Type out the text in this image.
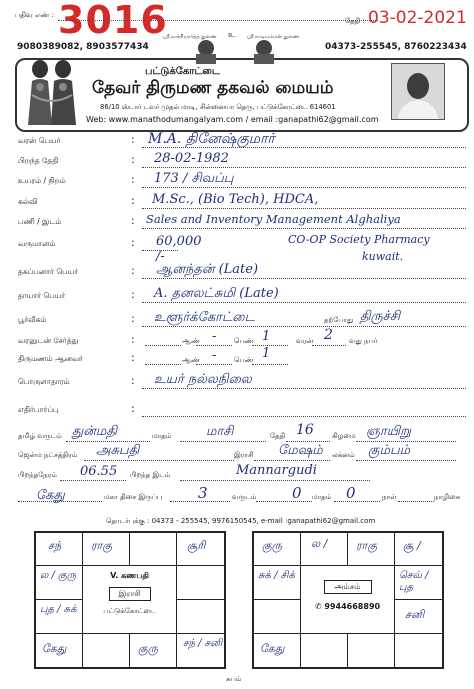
பதிவு எண் : 3016	தேதி : 03-02-2021
9080389082, 8903577434	04373-255545, 8760223434
ஸ்ரீ நாச்சியார்த்த துணை உ ஸ்ரீ நாடியம்மன் துணை
பட்டுக்கோட்டை
தேவர் திருமண தகவல் மையம்
86/10 ஸ்டார் டவர் முதல் மாடி, சின்னையா தெரு, பட்டுக்கோட்டை 614601
Web: www.manathodumangalyam.com / email :ganapathi62@gmail.com
வரன் பெயர்	: M.A. தினேஷ்குமார்
பிறந்த தேதி	: 28-02-1982
உயரம் / நிறம்	: 173 / சிவப்பு
கல்வி	: M.Sc., (Bio Tech), HDCA,
பணி / இடம்	: Sales and Inventory Management Alghaliya
CO-OP Society Pharmacy
kuwait.
வருமானம்	: 60,000 /-
தகப்பனார் பெயர்	: ஆனந்தன் (Late)
தாயார் பெயர்	: A. தனலட்சுமி (Late)
பூர்வீகம்	: உளூர்க்கோட்டை	தற்போது திருச்சி
வரனுடன் சேர்த்து	:	ஆண் -	பெண் 1	வரன் 2 வது நபர்
திருமணம் ஆனவர்	:	ஆண் -	பெண் 1
பொருளாதாரம்	: உயர் நல்லநிலை
எதிர்பார்ப்பு	:
தமிழ் வருடம் துன்மதி	மாதம்	மாசி	தேதி 16	கிழமை ஞாயிறு
ஜென்ம நட்சத்திரம் அசுபதி	இராசி மேஷம் லக்னம் கும்பம்
பிறந்தநேரம் 06.55 பிறந்த இடம்	Mannargudi
கேது	மகா திசை இருப்பு 3	வருடம் 0 மாதம் 0	நாள்	நாழிகை
தொடர்புக்கு : 04373 - 255545, 9976150545, e-mail :ganapathi62@gmail.com
சந்	ராகு	சூரி
ல / குரு
புத / சுக்
கேது	குரு	சந் / சனி
V. கணபதி
இராசி
பட்டுக்கோட்டை
குரு	ல /	ராகு சூ /
சுக் / சிக்	செவ் / புத
சனி
கேது
அம்சம்
✆ 9944668890
சுபம்
